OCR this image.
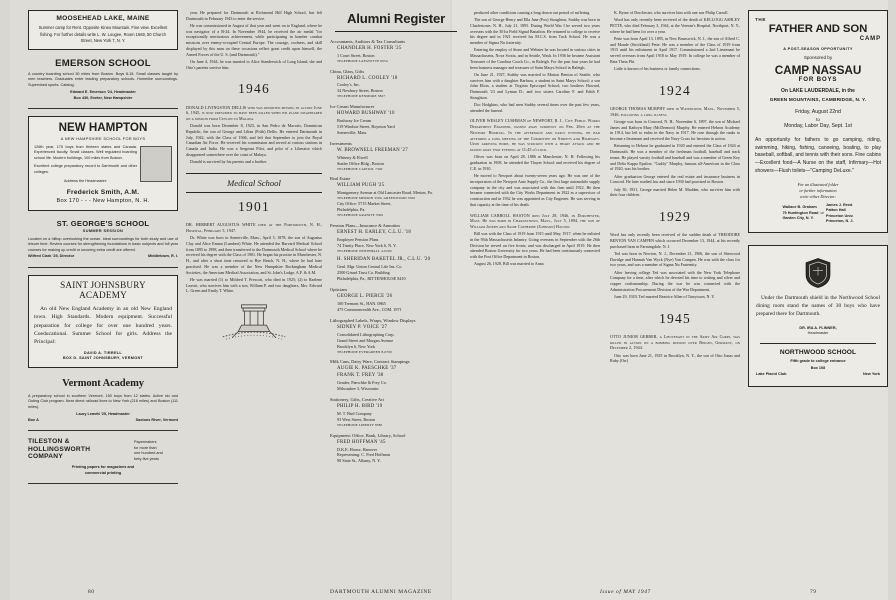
MOOSEHEAD LAKE, MAINE
Summer camp for Rent. Opposite Kineo Mountain. Fine view. Excellent fishing. For further details write L. W. Lougee, Room 1669, 50 Church Street, New York 7, N. Y.
EMERSON SCHOOL
A country boarding school 30 miles from Boston. Boys 8-15. Small classes taught by men teachers. Graduates enter leading preparatory schools. Homelike surroundings. Supervised sports. Catalog.
Edward E. Emerson '24, Headmaster
Box 430, Exeter, New Hampshire
NEW HAMPTON
A NEW HAMPSHIRE SCHOOL FOR BOYS
126th year, 175 boys from thirteen states and Canada. Experienced faculty. Small classes. Well regulated boarding school life. Modern buildings, 100 miles from Boston.
Excellent college preparatory record to Dartmouth and other colleges.
Address the Headmaster:
Frederick Smith, A.M.
Box 170 - - - New Hampton, N. H.
ST. GEORGE'S SCHOOL
SUMMER SESSION
Located on a hilltop overlooking the ocean. Ideal surroundings for both study and use of leisure time. Review courses for strengthening foundations in basic subjects and full year courses for making up credit or securing extra credit are offered.
Wilfred Clark '25, Director	Middletown, R. I.
SAINT JOHNSBURY
ACADEMY
An old New England Academy in an old New England town. High Standards. Modern equipment. Successful preparation for college for over one hundred years. Coeducational. Summer School for girls. Address the Principal:
DAVID A. TIRRELL
BOX D. SAINT JOHNSBURY, VERMONT
Vermont Academy
A preparatory school in southern Vermont. 150 boys from 12 states. Active ski and Outing Club program. Near direct railroad lines to New York (216 miles) and Boston (111 miles).
Laury Leavitt '25, Headmaster
Box A	Saxtons River, Vermont
TILESTON &
HOLLINGSWORTH
COMPANY
Papermakers
for more than
one hundred and
forty-five years
Printing papers for magazines and
commercial printing

year. He prepared for Dartmouth at Richmond Hill High School, but left Dartmouth in February 1943 to enter the service.

He was commissioned in August of that year and went on to England, where he was navigator of a B-24. In November 1944, he received the air medal "for exceptionally meritorious achievement, while participating in bomber combat missions over enemy-occupied Central Europe. The courage, coolness, and skill displayed by this man on these occasions reflect great credit upon himself, the Armed Forces of the U. S. (and Dartmouth)."

On June 4, 1944, he was married to Alice Standerwick of Long Island; she and Otto's parents survive him.

1946

DONALD LIVINGSTON DELLIS who was reported missing in action June 6, 1945, is now presumed to have been killed when his plane disappeared on a mission from Ceylon to Malaya.

Donald was born December 8, 1923, in San Pedro de Macoris, Dominican Republic, the son of George and Lilian (Frith) Dellis. He entered Dartmouth in July, 1942, with the Class of 1946, and left that September to join the Royal Canadian Air Force. He received his commission and served at various stations in Canada and India. He was a Sergeant Pilot, and pilot of a Liberator which disappeared somewhere over the coast of Malaya.

Donald is survived by his parents and a brother.

Medical School
1901

DR. HERBERT AUGUSTUS WHITE died at the Portsmouth, N. H., Hospital, February 5, 1947.

Dr. White was born in Somerville, Mass., April 5, 1878, the son of Augustus Clay and Alice Emma (Lambert) White. He attended the Harvard Medical School from 1895 to 1898, and then transferred to the Dartmouth Medical School where he received his degree with the Class of 1901. He began his practise in Manchester, N. H., and after a short time removed to Rye Beach, N. H., where he had later practised. He was a member of the New Hampshire Rockingham Medical Societies, the American Medical Association, and St. John's Lodge, A.F. & A.M.

He was married (1) to Mildred T. Prescott, who died in 1925; (2) to Raelene Leavitt, who survives him with a son, William P. and two daughters, Mrs. Edward L. Green and Emily T. White.

Alumni Register

Accountants, Auditors & Tax Consultants

CHANDLER H. FOSTER '25

1 Court Street, Boston

TELEPHONE LAFAYETTE 0054

China, Glass, Gifts

RICHARD L. COOLEY '18

Cooley's, Inc.

34 Newbury Street, Boston

TELEPHONE KENMORE 5827

Ice Cream Manufacturer

HOWARD BUSHWAY '10

Bushway Ice Cream

519 Windsor Street, Boynton Yard

Somerville, Mass.

Investments

W. BROWNELL FREEMAN '27

Whitney & Elwell

Statler Office Bldg., Boston

TELEPHONE CAPITOL 7300

Real Estate

WILLIAM PUGH '25

Montgomery Avenue at Old Lancaster Road, Merion, Pa.

TELEPHONE MERION 3500, GREENWOOD 3500

City Office: 5715 Market Street,

Philadelphia, Pa.

TELEPHONE GRANITE 3300

Pension Plans—Insurance & Annuities

ERNEST H. EARLEY, C.L.U. '18

Employee Pension Plans

74 Trinity Place, New York 6, N. Y.

TELEPHONE WHITEHALL 4-0200

H. SHERIDAN BAKETEL JR., C.L.U. '20

Genl. Mgr. Union Central Life Ins. Co.

2500 Girard Trust Co. Building

Philadelphia, Pa., RITTENHOUSE 8410

Opticians

GEORGE L. PIERCE '26

100 Tremont St., HAN. 0865

475 Commonwealth Ave., COM. 1971

Lithographed Labels, Wraps, Window Displays

SIDNEY P. VOICE '27

Consolidated Lithographing Corp.

Grand Street and Morgan Avenue

Brooklyn 6, New York

TELEPHONE EVERGREEN 8-6700

Milk Cans, Dairy Ware, Contract Stampings

AUGIE K. PAESCHKE '37

FRANK T. FREY '38

Geuder, Paeschke & Frey Co.

Milwaukee 3, Wisconsin

Stationery, Gifts, Creative Art

PHILIP H. BIRD '19

M. T. Bird Company

93 West Street, Boston

TELEPHONE LIBERTY 8580

Equipment: Office, Bank, Library, School

FRED HOFFMAN '45

D.K.E. House, Hanover

Representing: C. Fred Hoffman

90 State St., Albany, N. Y.

produced other conditions causing a long drawn out period of suffering.

The son of George Henry and Ella Jane (Fox) Stoughton, Stubby was born in Charlestown, N. H., July 21, 1895. During World War I he served two years overseas with the 301st Field Signal Battalion. He returned to college to receive his degree and in 1921 received his M.C.S. from Tuck School. He was a member of Sigma Nu fraternity.

Entering the employ of Stone and Webster he was located in various cities in Massachusetts, Nova Scotia, and in Seattle, Wash. In 1936 he became Assistant Treasurer of the Carolina Coach Co., in Raleigh. For the past four years he had been business manager and treasurer of Saint Marys School in Raleigh.

On June 21, 1927, Stubby was married to Marion Benton of Seattle, who survives him with a daughter Barbara, a student in Saint Marys School; a son John Elion, a student at Virginia Episcopal School; two brothers Howard, Dartmouth '23 and Lyman D.; and two sisters Caroline F. and Edith F. Stoughton.

Doc Hodgkins, who had seen Stubby several times over the past few years, attended the funeral.

OLIVER WESLEY CUSHMAN of NEWPORT, R. I., City Public Works Department Engineer, passed away suddenly on Feb. 26th at the Newport Hospital. In the afternoon and early evening, he had attended a long meeting of the Committee on Streets and Highways. Upon arriving home, he was stricken with a heart attack and he passed away that evening at 11:45 o'clock.

Oliver was born on April 28, 1886 at Manchester, N. H. Following his graduation in 1908, he attended the Thayer School and received his degree of C.E. in 1910.

He moved to Newport about twenty-seven years ago. He was one of the incorporators of the Newport Auto Supply Co., the first large automobile supply company in the city and was associated with this firm until 1922. He then became connected with the City Works Department in 1922 as a supervisor of construction and in 1932 he was appointed as City Engineer. He was serving in that capacity at the time of his death.

WILLIAM CARROLL HASTON died July 28, 1946, in Dorchester, Mass. He was born in Charlestown, Mass., July 5, 1894, the son of William Joseph and Sadie Catherine (Johnson) Haston.

Bill was with the Class of 1919 from 1915 until May, 1917, when he enlisted in the 95th Massachusetts Infantry. Going overseas in September with the 26th Division he served on five fronts, and was discharged in April 1919. He then attended Boston University for two years. He had been continuously connected with the Post Office Department in Boston.

August 26, 1928, Bill was married to Anna

K. Byrne of Dorchester, who survives him with one son Philip Carroll.

Word has only recently been received of the death of KELLOGG ASHLEY PETTE, who died February 3, 1944, at the Veteran's Hospital, Northport, N. Y., where he had been for over a year.

Pette was born April 13, 1895, in New Brunswick, N. J., the son of Alfred C. and Maude (Strickland) Pette. He was a member of the Class of 1919 from 1915 until his enlistment in April 1917. Commissioned a 2nd Lieutenant he served overseas from April 1918 to May 1919. In college he was a member of Beta Theta Phi.

Little is known of his business or family connections.

1924

GEORGE THOMAS MURPHY died in Watertown, Mass., November 5, 1946, following a long illness.

George was born in Concord, N. H., November 6, 1897, the son of Michael James and Kathryn Mary (McDermott) Murphy. He entered Hebron Academy in 1914, but left to enlist in the Navy in 1917. He rose through the ranks to become a lieutenant and received the Navy Cross for heroism in action.

Returning to Hebron he graduated in 1920 and entered the Class of 1924 at Dartmouth. He was a member of the freshman football, baseball and track teams. He played varsity football and baseball and was a member of Green Key and Delta Kappa Epsilon. "Cuddy" Murphy, famous all-American in the Class of 1920, was his brother.

After graduation George entered the real estate and insurance business in Concord. He later studied law and since 1930 had practised in Boston.

July 30, 1931, George married Helen M. Madden, who survives him with their four children.

1929

Word has only recently been received of the sudden death of THEODORE BENTON VAN CAMPEN which occurred December 13, 1944, at his recently purchased farm in Farmingdale, N. J.

Ted was born in Newton, N. J., December 21, 1906, the son of Sherwood Davidge and Hannah Van Wyck (Nye) Van Campen. He was with the class for two years, and was a member of Sigma Nu Fraternity.

After leaving college Ted was associated with the New York Telephone Company for a time, after which he devoted his time to writing and silver and copper craftsmanship. During the war he was connected with the Administration Procurement Division of the War Department.

June 29, 1929, Ted married Beatrice Allen of Tarrytown, N. Y.

1945

OTTO JUNIOR GERBER, a Lieutenant in the Army Air Corps, was killed in action on a bombing mission over Bingen, Germany, on December 2, 1944.

Otto was born June 21, 1925 in Brooklyn, N. Y., the son of Otto Jonas and Ruby (Orr)

THE
FATHER AND SON
CAMP
A POST-SEASON OPPORTUNITY
Sponsored by
CAMP NASSAU
FOR BOYS
On LAKE LAUDERDALE, in the
GREEN MOUNTAINS, CAMBRIDGE, N. Y.
Friday, August 22nd
to
Monday, Labor Day, Sept. 1st
An opportunity for fathers to go camping, riding, swimming, hiking, fishing, canoeing, boating, to play baseball, softball, and tennis with their sons. Fine cabins—Excellent food—A Nurse on the staff, Infirmary—Hot showers—Flush toilets—"Camping DeLuxe."
For an illustrated folder
or further information
write either Director:
Wallace B. Graham
79 Huntington Road
Garden City, N. Y.
or
James J. Reed
Patton Hall
Princeton Univ.
Princeton, N. J.
Under the Dartmouth shield in the Northwood School dining room stand the names of 30 boys who have prepared there for Dartmouth.
DR. IRA A. FLINNER,
Headmaster
NORTHWOOD SCHOOL
Fifth grade to college entrance
Box 108
Lake Placid Club	New York
80	DARTMOUTH ALUMNI MAGAZINE	Issue of MAY 1947	79
